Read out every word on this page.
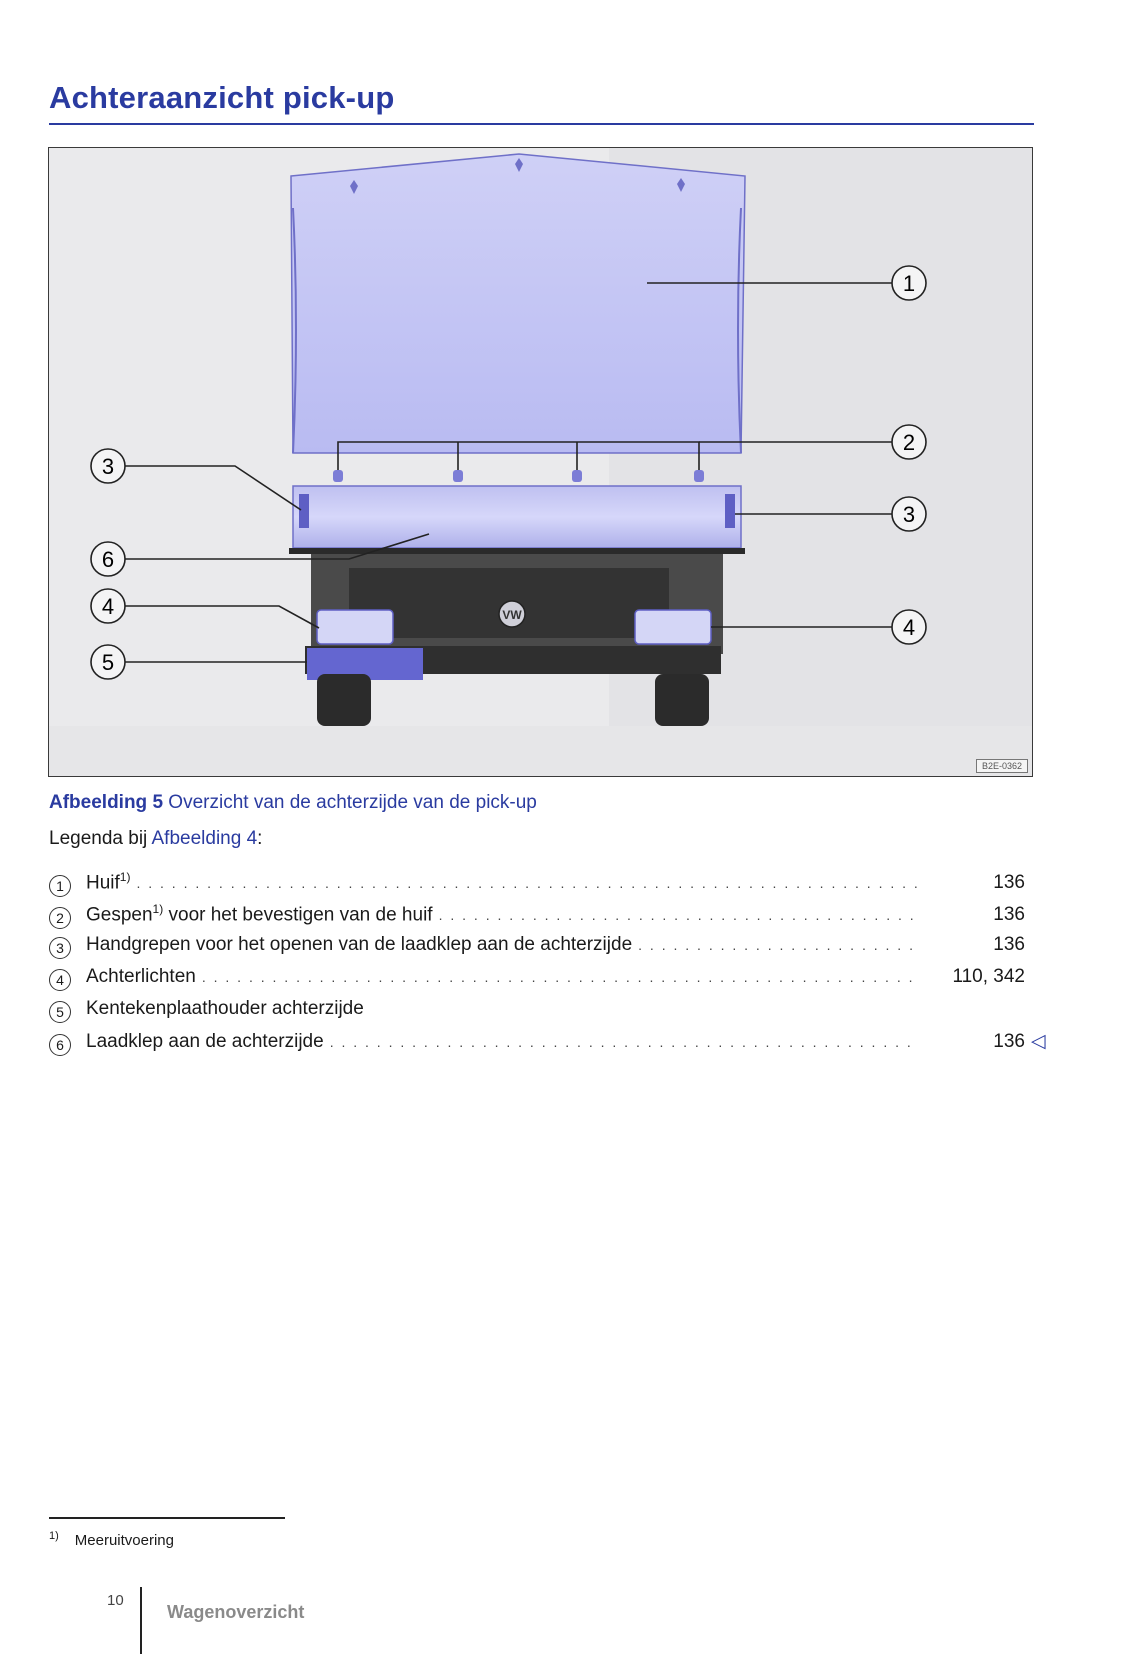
Achteraanzicht pick-up
VW
1
2
3
3
4
4
5
6
B2E-0362
Afbeelding 5 Overzicht van de achterzijde van de pick-up
Legenda bij Afbeelding 4:
1	Huif$^{1)}$ . . .	136
2	Gespen$^{1)}$ voor het bevestigen van de huif . . .	136
3	Handgrepen voor het openen van de laadklep aan de achterzijde . . .	136
4	Achterlichten . . .	110, 342
5	Kentekenplaathouder achterzijde
6	Laadklep aan de achterzijde . . .	136 ◁
$^{1)}$ Meeruitvoering
10
Wagenoverzicht
